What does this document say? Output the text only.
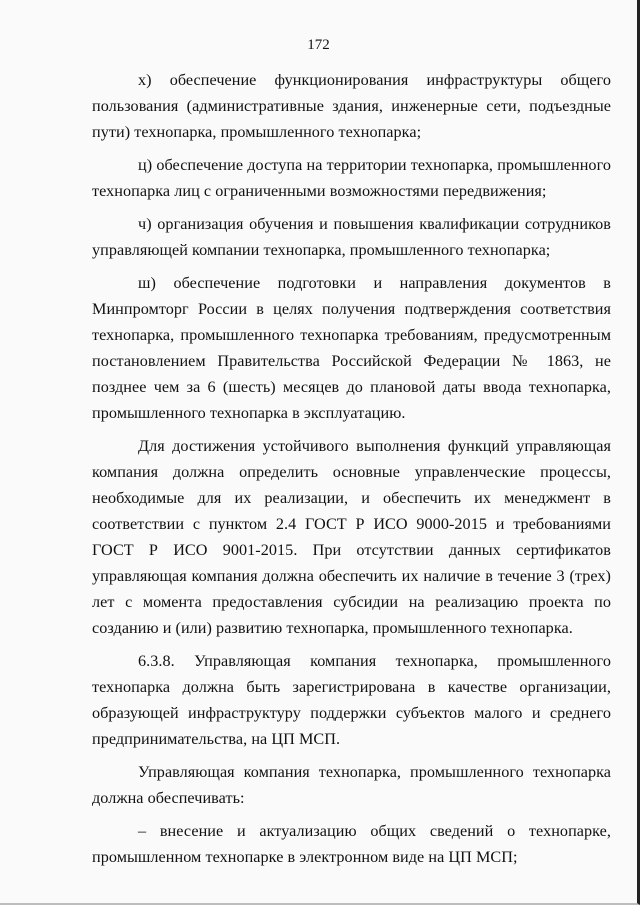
172

х) обеспечение функционирования инфраструктуры общего пользования (административные здания, инженерные сети, подъездные пути) технопарка, промышленного технопарка;

ц) обеспечение доступа на территории технопарка, промышленного технопарка лиц с ограниченными возможностями передвижения;

ч) организация обучения и повышения квалификации сотрудников управляющей компании технопарка, промышленного технопарка;

ш) обеспечение подготовки и направления документов в Минпромторг России в целях получения подтверждения соответствия технопарка, промышленного технопарка требованиям, предусмотренным постановлением Правительства Российской Федерации № 1863, не позднее чем за 6 (шесть) месяцев до плановой даты ввода технопарка, промышленного технопарка в эксплуатацию.

Для достижения устойчивого выполнения функций управляющая компания должна определить основные управленческие процессы, необходимые для их реализации, и обеспечить их менеджмент в соответствии с пунктом 2.4 ГОСТ Р ИСО 9000-2015 и требованиями ГОСТ Р ИСО 9001-2015. При отсутствии данных сертификатов управляющая компания должна обеспечить их наличие в течение 3 (трех) лет с момента предоставления субсидии на реализацию проекта по созданию и (или) развитию технопарка, промышленного технопарка.

6.3.8. Управляющая компания технопарка, промышленного технопарка должна быть зарегистрирована в качестве организации, образующей инфраструктуру поддержки субъектов малого и среднего предпринимательства, на ЦП МСП.

Управляющая компания технопарка, промышленного технопарка должна обеспечивать:

– внесение и актуализацию общих сведений о технопарке, промышленном технопарке в электронном виде на ЦП МСП;
